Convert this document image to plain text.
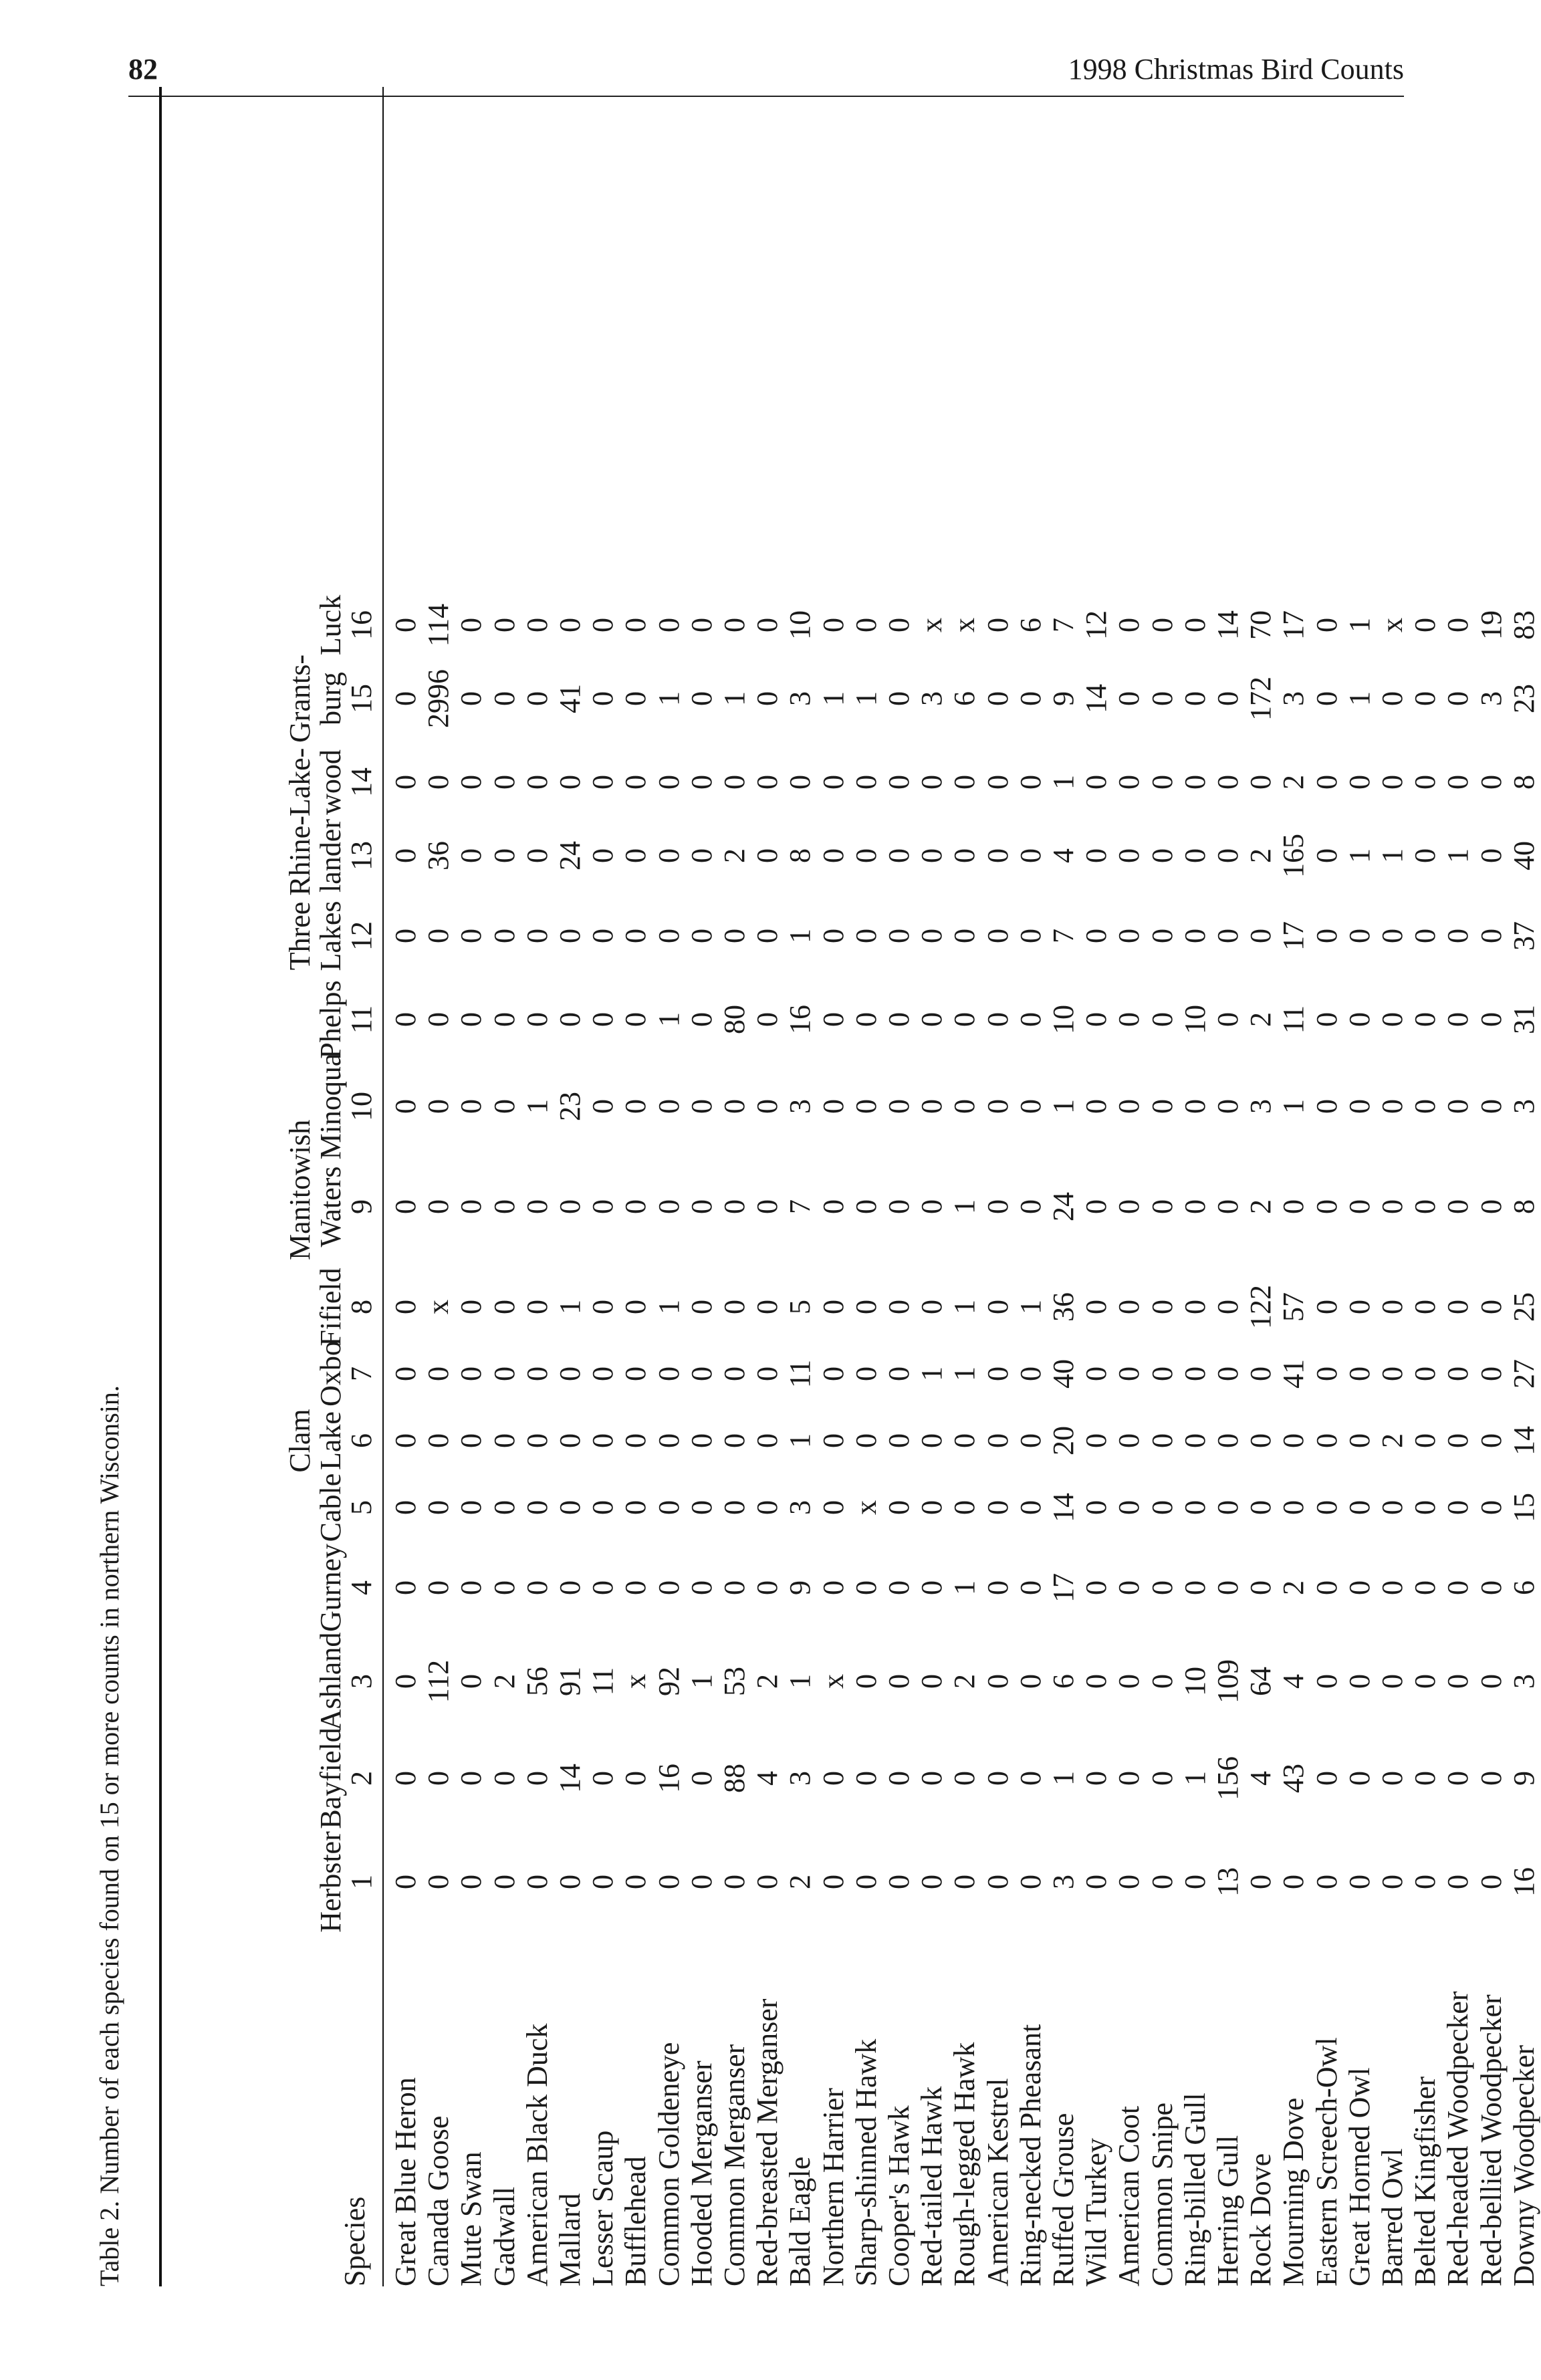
82	1998 Christmas Bird Counts
Table 2. Number of each species found on 15 or more counts in northern Wisconsin.	Species
Herbster
1
Bayfield
2
Ashland
3
Gurney
4
Cable
5
Clam
Lake
6
Oxbo
7
Fifield
8
Manitowish
Waters
9
Minoqua
10
Phelps
11
Three
Lakes
12
Rhine-
lander
13
Lake-
wood
14
Grants-
burg
15
Luck
16
Great Blue Heron
0
0
0
0
0
0
0
0
0
0
0
0
0
0
0
0
Canada Goose
0
0
112
0
0
0
0
x
0
0
0
0
36
0
2996
114
Mute Swan
0
0
0
0
0
0
0
0
0
0
0
0
0
0
0
0
Gadwall
0
0
2
0
0
0
0
0
0
0
0
0
0
0
0
0
American Black Duck
0
0
56
0
0
0
0
0
0
1
0
0
0
0
0
0
Mallard
0
14
91
0
0
0
0
1
0
23
0
0
24
0
41
0
Lesser Scaup
0
0
11
0
0
0
0
0
0
0
0
0
0
0
0
0
Bufflehead
0
0
x
0
0
0
0
0
0
0
0
0
0
0
0
0
Common Goldeneye
0
16
92
0
0
0
0
1
0
0
1
0
0
0
1
0
Hooded Merganser
0
0
1
0
0
0
0
0
0
0
0
0
0
0
0
0
Common Merganser
0
88
53
0
0
0
0
0
0
0
80
0
2
0
1
0
Red-breasted Merganser
0
4
2
0
0
0
0
0
0
0
0
0
0
0
0
0
Bald Eagle
2
3
1
9
3
1
11
5
7
3
16
1
8
0
3
10
Northern Harrier
0
0
x
0
0
0
0
0
0
0
0
0
0
0
1
0
Sharp-shinned Hawk
0
0
0
0
x
0
0
0
0
0
0
0
0
0
1
0
Cooper's Hawk
0
0
0
0
0
0
0
0
0
0
0
0
0
0
0
0
Red-tailed Hawk
0
0
0
0
0
0
1
0
0
0
0
0
0
0
3
x
Rough-legged Hawk
0
0
2
1
0
0
1
1
1
0
0
0
0
0
6
x
American Kestrel
0
0
0
0
0
0
0
0
0
0
0
0
0
0
0
0
Ring-necked Pheasant
0
0
0
0
0
0
0
1
0
0
0
0
0
0
0
6
Ruffed Grouse
3
1
6
17
14
20
40
36
24
1
10
7
4
1
9
7
Wild Turkey
0
0
0
0
0
0
0
0
0
0
0
0
0
0
14
12
American Coot
0
0
0
0
0
0
0
0
0
0
0
0
0
0
0
0
Common Snipe
0
0
0
0
0
0
0
0
0
0
0
0
0
0
0
0
Ring-billed Gull
0
1
10
0
0
0
0
0
0
0
10
0
0
0
0
0
Herring Gull
13
156
109
0
0
0
0
0
0
0
0
0
0
0
0
14
Rock Dove
0
4
64
0
0
0
0
122
2
3
2
0
2
0
172
70
Mourning Dove
0
43
4
2
0
0
41
57
0
1
11
17
165
2
3
17
Eastern Screech-Owl
0
0
0
0
0
0
0
0
0
0
0
0
0
0
0
0
Great Horned Owl
0
0
0
0
0
0
0
0
0
0
0
0
1
0
1
1
Barred Owl
0
0
0
0
0
2
0
0
0
0
0
0
1
0
0
x
Belted Kingfisher
0
0
0
0
0
0
0
0
0
0
0
0
0
0
0
0
Red-headed Woodpecker
0
0
0
0
0
0
0
0
0
0
0
0
1
0
0
0
Red-bellied Woodpecker
0
0
0
0
0
0
0
0
0
0
0
0
0
0
3
19
Downy Woodpecker
16
9
3
6
15
14
27
25
8
3
31
37
40
8
23
83
